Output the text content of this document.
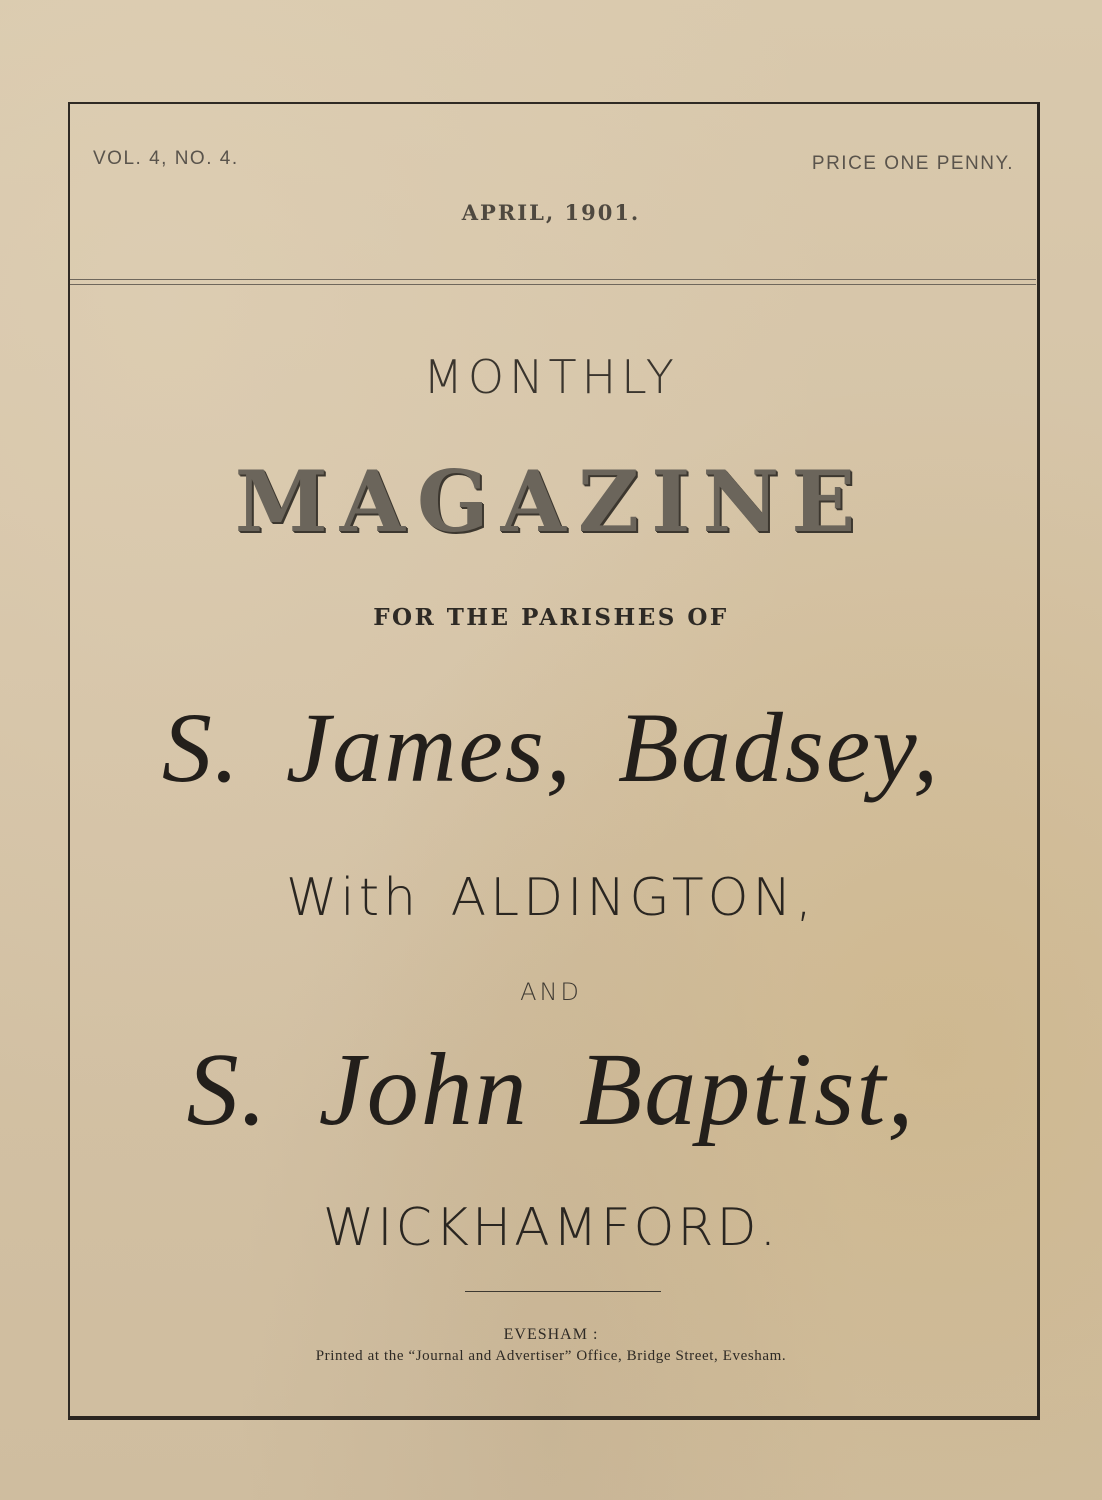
VOL. 4, NO. 4.	PRICE ONE PENNY.
APRIL, 1901.
MONTHLY
MAGAZINE
FOR THE PARISHES OF
S. James, Badsey,
With ALDINGTON,
AND
S. John Baptist,
WICKHAMFORD.
EVESHAM :
Printed at the “Journal and Advertiser” Office, Bridge Street, Evesham.
